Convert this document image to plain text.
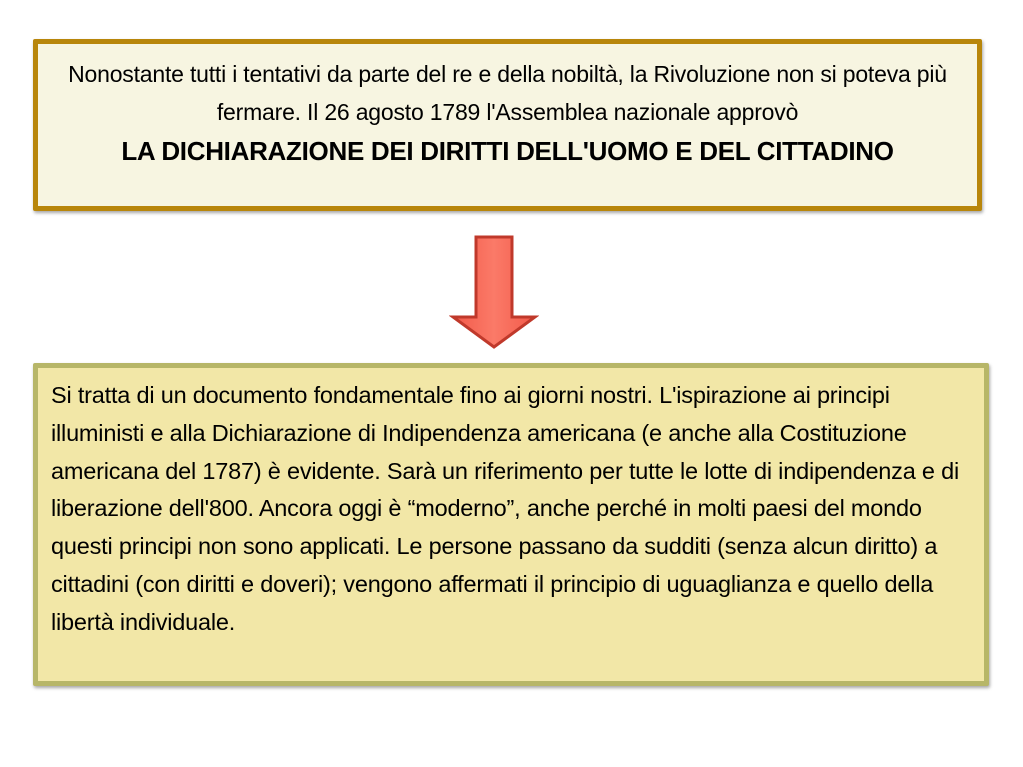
Nonostante tutti i tentativi da parte del re e della nobiltà, la Rivoluzione non si poteva più fermare. Il 26 agosto 1789 l'Assemblea nazionale approvò
LA DICHIARAZIONE DEI DIRITTI DELL'UOMO E DEL CITTADINO
Si tratta di un documento fondamentale fino ai giorni nostri. L'ispirazione ai principi illuministi e alla Dichiarazione di Indipendenza americana (e anche alla Costituzione americana del 1787) è evidente. Sarà un riferimento per tutte le lotte di indipendenza e di liberazione dell'800. Ancora oggi è “moderno”, anche perché in molti paesi del mondo questi principi non sono applicati. Le persone passano da sudditi (senza alcun diritto) a cittadini (con diritti e doveri); vengono affermati il principio di uguaglianza e quello della libertà individuale.
